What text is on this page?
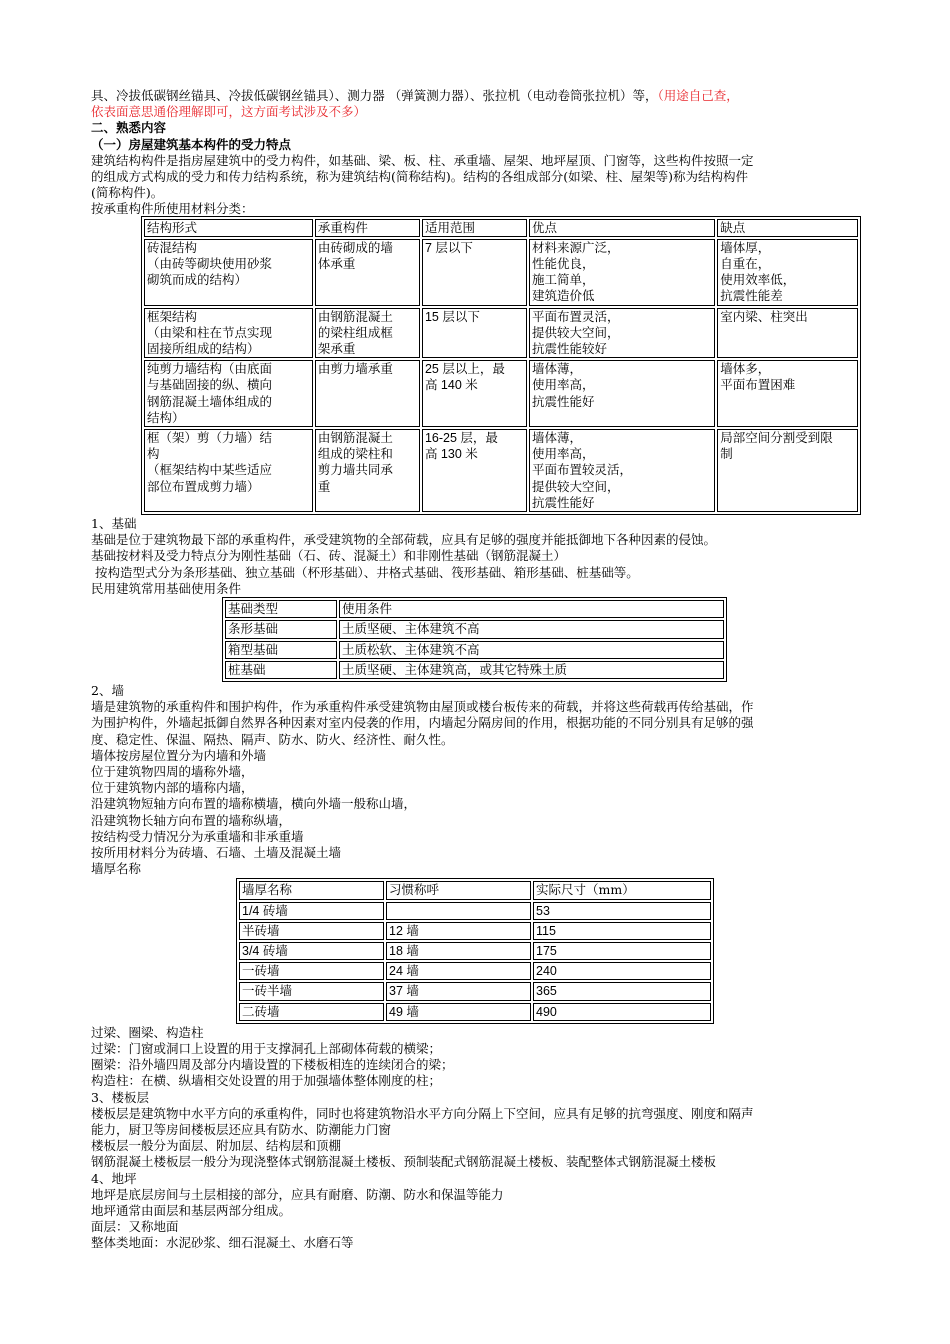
具、冷拔低碳钢丝锚具、冷拔低碳钢丝锚具）、测力器 （弹簧测力器）、张拉机（电动卷筒张拉机）等，（用途自己查，

依表面意思通俗理解即可，这方面考试涉及不多）

二、熟悉内容

（一）房屋建筑基本构件的受力特点

建筑结构构件是指房屋建筑中的受力构件，如基础、梁、板、柱、承重墙、屋架、地坪屋顶、门窗等，这些构件按照一定

的组成方式构成的受力和传力结构系统，称为建筑结构(简称结构)。结构的各组成部分(如梁、柱、屋架等)称为结构构件

(简称构件)。

按承重构件所使用材料分类：

结构形式	承重构件	适用范围	优点	缺点

砖混结构
（由砖等砌块使用砂浆
砌筑而成的结构）	由砖砌成的墙
体承重	7 层以下	材料来源广泛，
性能优良，
施工简单，
建筑造价低	墙体厚，
自重在，
使用效率低，
抗震性能差

框架结构
（由梁和柱在节点实现
固接所组成的结构）	由钢筋混凝土
的梁柱组成框
架承重	15 层以下	平面布置灵活，
提供较大空间，
抗震性能较好	室内梁、柱突出

纯剪力墙结构（由底面
与基础固接的纵、横向
钢筋混凝土墙体组成的
结构）	由剪力墙承重	25 层以上，最
高 140 米	墙体薄，
使用率高，
抗震性能好	墙体多，
平面布置困难

框（架）剪（力墙）结
构
（框架结构中某些适应
部位布置成剪力墙）	由钢筋混凝土
组成的梁柱和
剪力墙共同承
重	16-25 层，最
高 130 米	墙体薄，
使用率高，
平面布置较灵活，
提供较大空间，
抗震性能好	局部空间分割受到限
制

1、基础

基础是位于建筑物最下部的承重构件，承受建筑物的全部荷载，应具有足够的强度并能抵御地下各种因素的侵蚀。

基础按材料及受力特点分为刚性基础（石、砖、混凝土）和非刚性基础（钢筋混凝土）

按构造型式分为条形基础、独立基础（杯形基础）、井格式基础、筏形基础、箱形基础、桩基础等。

民用建筑常用基础使用条件

基础类型	使用条件
条形基础	土质坚硬、主体建筑不高
箱型基础	土质松软、主体建筑不高
桩基础	土质坚硬、主体建筑高，或其它特殊土质

2、墙

墙是建筑物的承重构件和围护构件，作为承重构件承受建筑物由屋顶或楼台板传来的荷载，并将这些荷载再传给基础，作

为围护构件，外墙起抵御自然界各种因素对室内侵袭的作用，内墙起分隔房间的作用，根据功能的不同分别具有足够的强

度、稳定性、保温、隔热、隔声、防水、防火、经济性、耐久性。

墙体按房屋位置分为内墙和外墙

位于建筑物四周的墙称外墙，

位于建筑物内部的墙称内墙，

沿建筑物短轴方向布置的墙称横墙，横向外墙一般称山墙，

沿建筑物长轴方向布置的墙称纵墙，

按结构受力情况分为承重墙和非承重墙

按所用材料分为砖墙、石墙、土墙及混凝土墙

墙厚名称

墙厚名称	习惯称呼	实际尺寸（mm）
1/4 砖墙		53
半砖墙	12 墙	115
3/4 砖墙	18 墙	175
一砖墙	24 墙	240
一砖半墙	37 墙	365
二砖墙	49 墙	490

过梁、圈梁、构造柱

过梁：门窗或洞口上设置的用于支撑洞孔上部砌体荷载的横梁；

圈梁：沿外墙四周及部分内墙设置的下楼板相连的连续闭合的梁；

构造柱：在横、纵墙相交处设置的用于加强墙体整体刚度的柱；

3、楼板层

楼板层是建筑物中水平方向的承重构件，同时也将建筑物沿水平方向分隔上下空间，应具有足够的抗弯强度、刚度和隔声

能力，厨卫等房间楼板层还应具有防水、防潮能力门窗

楼板层一般分为面层、附加层、结构层和顶棚

钢筋混凝土楼板层一般分为现浇整体式钢筋混凝土楼板、预制装配式钢筋混凝土楼板、装配整体式钢筋混凝土楼板

4、地坪

地坪是底层房间与土层相接的部分，应具有耐磨、防潮、防水和保温等能力

地坪通常由面层和基层两部分组成。

面层：又称地面

整体类地面：水泥砂浆、细石混凝土、水磨石等
